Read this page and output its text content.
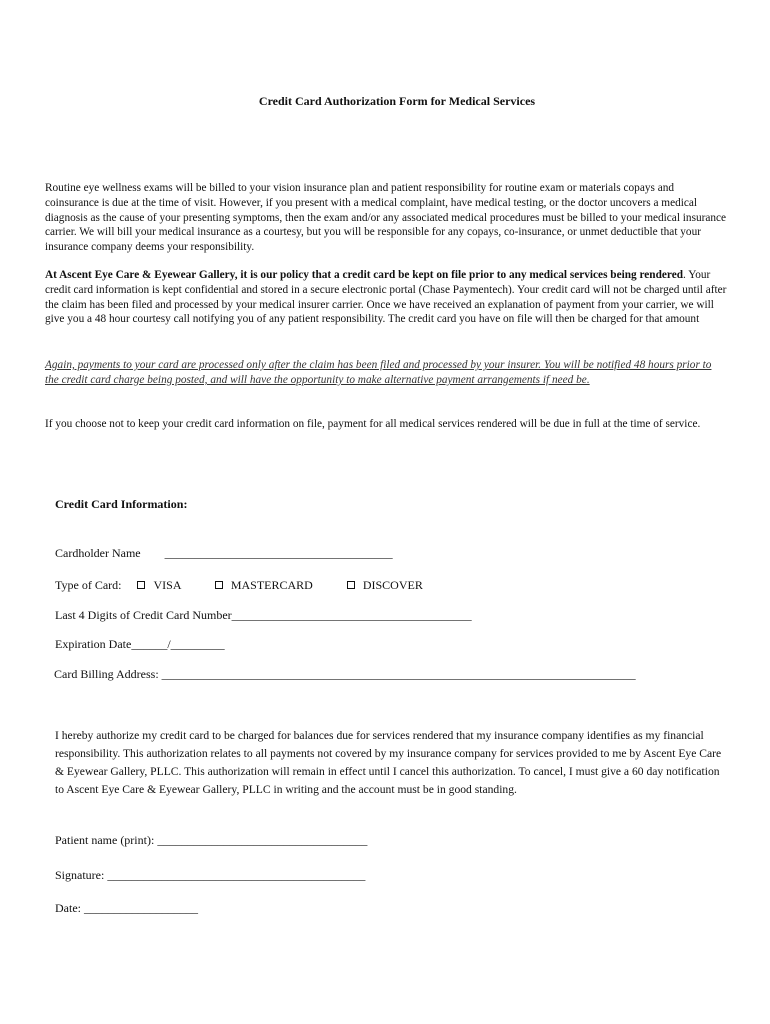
Credit Card Authorization Form for Medical Services
Routine eye wellness exams will be billed to your vision insurance plan and patient responsibility for routine exam or materials copays and coinsurance is due at the time of visit. However, if you present with a medical complaint, have medical testing, or the doctor uncovers a medical diagnosis as the cause of your presenting symptoms, then the exam and/or any associated medical procedures must be billed to your medical insurance carrier. We will bill your medical insurance as a courtesy, but you will be responsible for any copays, co-insurance, or unmet deductible that your insurance company deems your responsibility.
At Ascent Eye Care & Eyewear Gallery, it is our policy that a credit card be kept on file prior to any medical services being rendered. Your credit card information is kept confidential and stored in a secure electronic portal (Chase Paymentech). Your credit card will not be charged until after the claim has been filed and processed by your medical insurer carrier. Once we have received an explanation of payment from your carrier, we will give you a 48 hour courtesy call notifying you of any patient responsibility. The credit card you have on file will then be charged for that amount
Again, payments to your card are processed only after the claim has been filed and processed by your insurer. You will be notified 48 hours prior to the credit card charge being posted, and will have the opportunity to make alternative payment arrangements if need be.
If you choose not to keep your credit card information on file, payment for all medical services rendered will be due in full at the time of service.
Credit Card Information:
Cardholder Name ______________________________________
Type of Card:	VISA	MASTERCARD	DISCOVER
Last 4 Digits of Credit Card Number________________________________________
Expiration Date______/_________
Card Billing Address: _______________________________________________________________________________
I hereby authorize my credit card to be charged for balances due for services rendered that my insurance company identifies as my financial responsibility. This authorization relates to all payments not covered by my insurance company for services provided to me by Ascent Eye Care & Eyewear Gallery, PLLC. This authorization will remain in effect until I cancel this authorization. To cancel, I must give a 60 day notification to Ascent Eye Care & Eyewear Gallery, PLLC in writing and the account must be in good standing.
Patient name (print): ___________________________________
Signature: ___________________________________________
Date: ___________________
